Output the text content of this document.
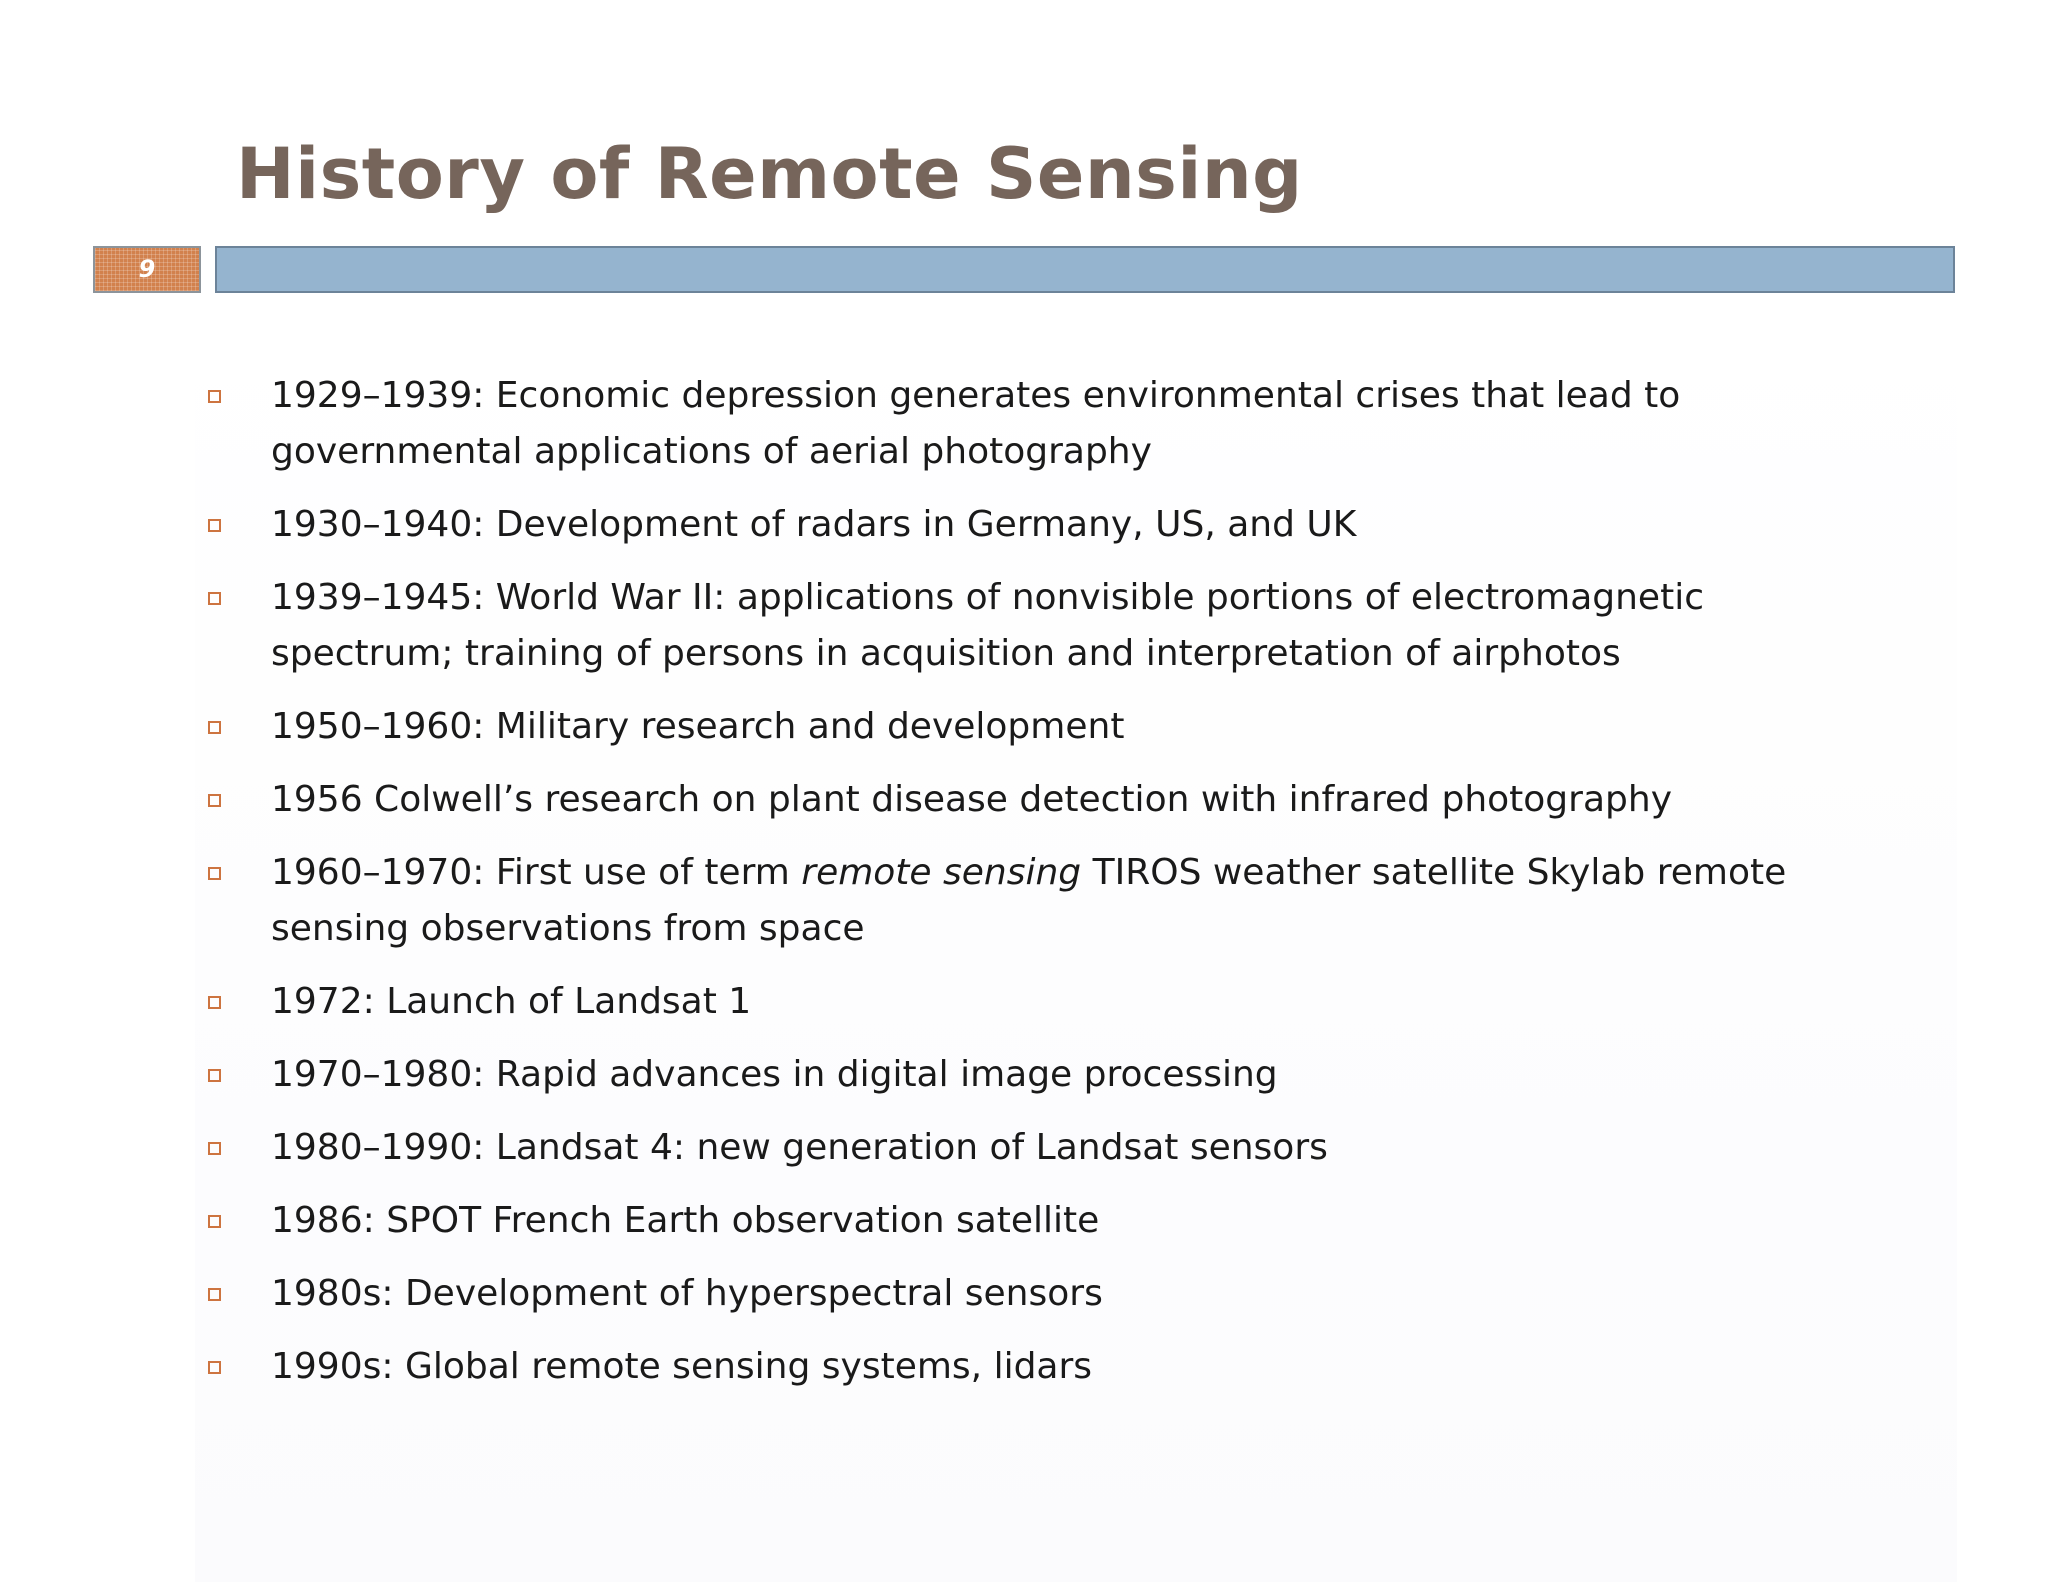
History of Remote Sensing
9
1929–1939: Economic depression generates environmental crises that lead to governmental applications of aerial photography
1930–1940: Development of radars in Germany, US, and UK
1939–1945: World War II: applications of nonvisible portions of electromagnetic spectrum; training of persons in acquisition and interpretation of airphotos
1950–1960: Military research and development
1956 Colwell’s research on plant disease detection with infrared photography
1960–1970: First use of term remote sensing TIROS weather satellite Skylab remote sensing observations from space
1972: Launch of Landsat 1
1970–1980: Rapid advances in digital image processing
1980–1990: Landsat 4: new generation of Landsat sensors
1986: SPOT French Earth observation satellite
1980s: Development of hyperspectral sensors
1990s: Global remote sensing systems, lidars
